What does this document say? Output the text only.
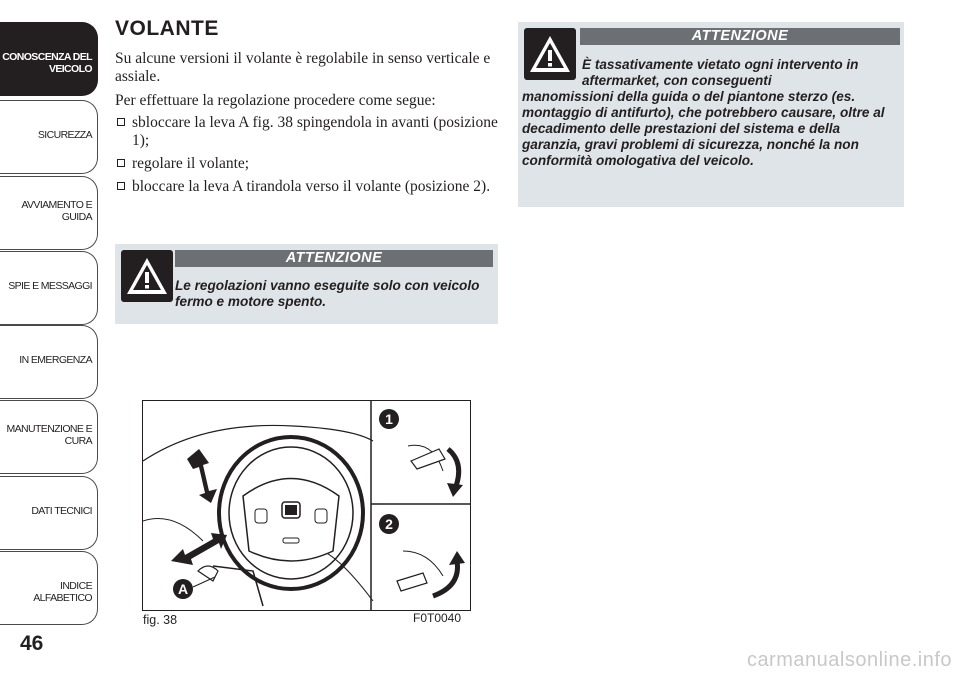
CONOSCENZA DEL VEICOLO
SICUREZZA
AVVIAMENTO E GUIDA
SPIE E MESSAGGI
IN EMERGENZA
MANUTENZIONE E CURA
DATI TECNICI
INDICE ALFABETICO
46
VOLANTE

Su alcune versioni il volante è regolabile in senso verticale e assiale.

Per effettuare la regolazione procedere come segue:

sbloccare la leva A fig. 38 spingendola in avanti (posizione 1);
regolare il volante;
bloccare la leva A tirandola verso il volante (posizione 2).
ATTENZIONE
Le regolazioni vanno eseguite solo con veicolo fermo e motore spento.
ATTENZIONE
È tassativamente vietato ogni intervento in aftermarket, con conseguenti
manomissioni della guida o del piantone sterzo (es. montaggio di antifurto), che potrebbero causare, oltre al decadimento delle prestazioni del sistema e della garanzia, gravi problemi di sicurezza, nonché la non conformità omologativa del veicolo.
A
1
2
fig. 38	F0T0040
carmanualsonline.info
